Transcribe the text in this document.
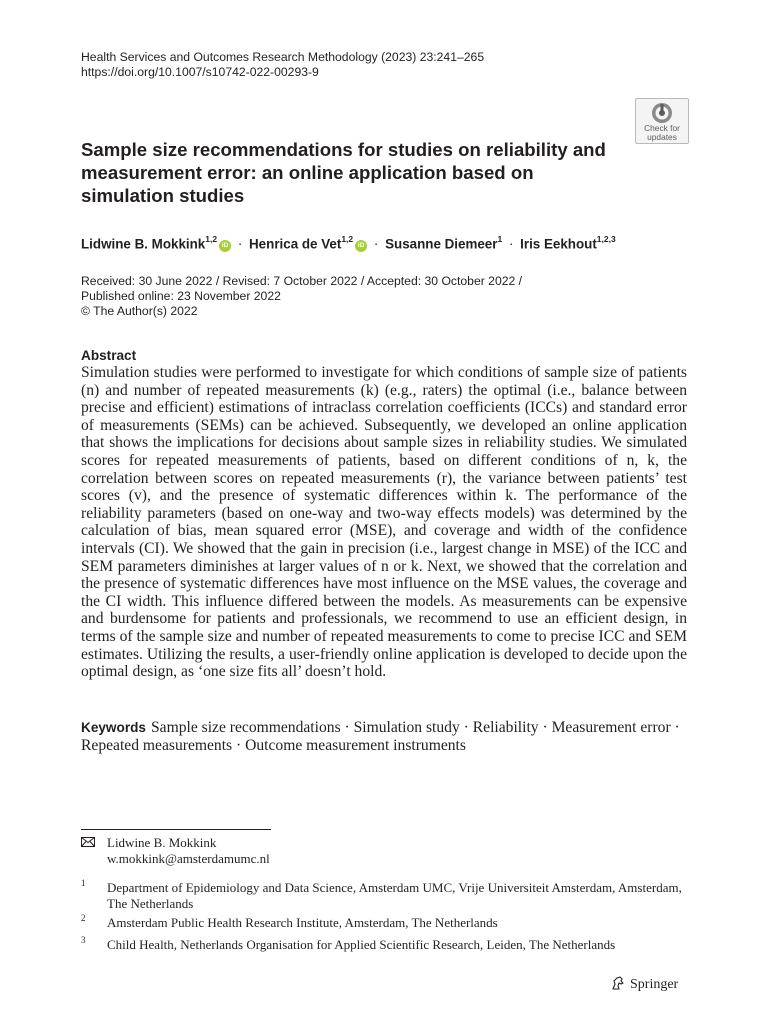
Health Services and Outcomes Research Methodology (2023) 23:241–265
https://doi.org/10.1007/s10742-022-00293-9
Check for
updates
Sample size recommendations for studies on reliability and measurement error: an online application based on simulation studies
Lidwine B. Mokkink$^{1,2}$iD · Henrica de Vet$^{1,2}$iD · Susanne Diemeer$^1$ · Iris Eekhout$^{1,2,3}$
Received: 30 June 2022 / Revised: 7 October 2022 / Accepted: 30 October 2022 /
Published online: 23 November 2022
© The Author(s) 2022
Abstract

Simulation studies were performed to investigate for which conditions of sample size of patients (n) and number of repeated measurements (k) (e.g., raters) the optimal (i.e., balance between precise and efficient) estimations of intraclass correlation coefficients (ICCs) and standard error of measurements (SEMs) can be achieved. Subsequently, we developed an online application that shows the implications for decisions about sample sizes in reliability studies. We simulated scores for repeated measurements of patients, based on different conditions of n, k, the correlation between scores on repeated measurements (r), the variance between patients’ test scores (v), and the presence of systematic differences within k. The performance of the reliability parameters (based on one-way and two-way effects models) was determined by the calculation of bias, mean squared error (MSE), and coverage and width of the confidence intervals (CI). We showed that the gain in precision (i.e., largest change in MSE) of the ICC and SEM parameters diminishes at larger values of n or k. Next, we showed that the correlation and the presence of systematic differences have most influence on the MSE values, the coverage and the CI width. This influence differed between the models. As measurements can be expensive and burdensome for patients and professionals, we recommend to use an efficient design, in terms of the sample size and number of repeated measurements to come to precise ICC and SEM estimates. Utilizing the results, a user-friendly online application is developed to decide upon the optimal design, as ‘one size fits all’ doesn’t hold.

Keywords Sample size recommendations · Simulation study · Reliability · Measurement error · Repeated measurements · Outcome measurement instruments
Lidwine B. Mokkink
w.mokkink@amsterdamumc.nl
1 Department of Epidemiology and Data Science, Amsterdam UMC, Vrije Universiteit Amsterdam, Amsterdam, The Netherlands
2 Amsterdam Public Health Research Institute, Amsterdam, The Netherlands
3 Child Health, Netherlands Organisation for Applied Scientific Research, Leiden, The Netherlands
Springer
